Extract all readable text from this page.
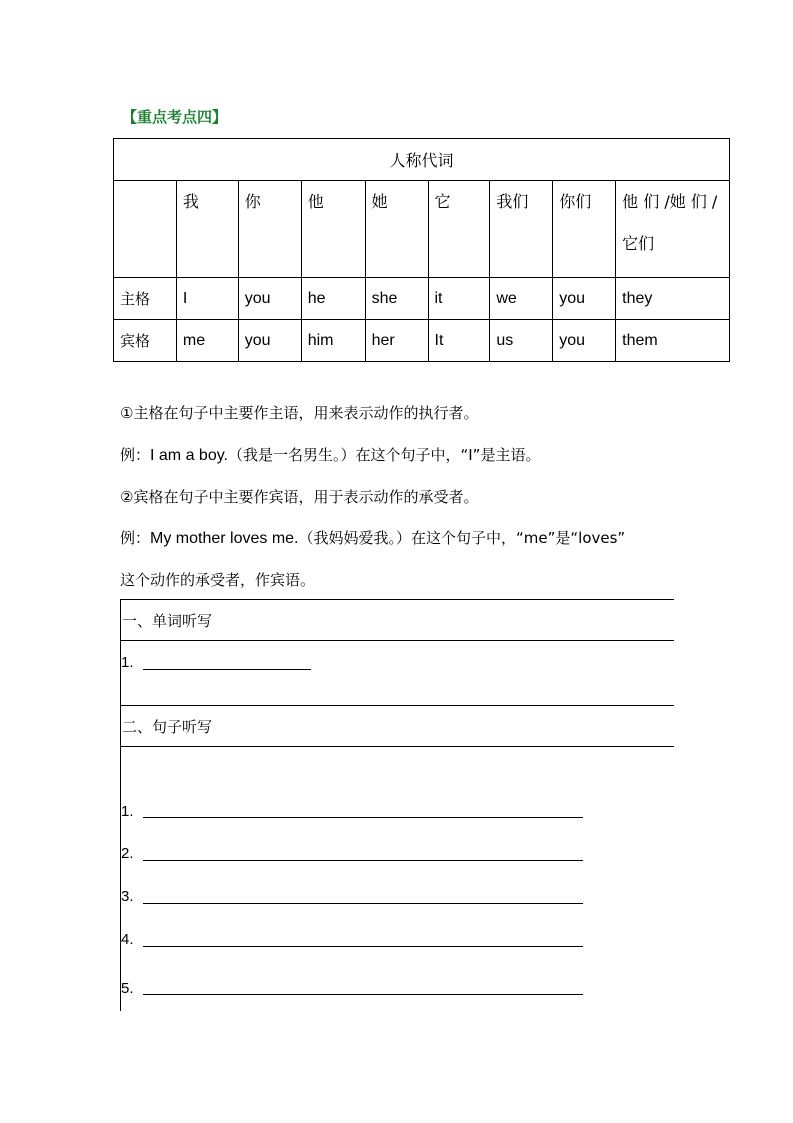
【重点考点四】
人称代词								

	我	你	他	她	它	我们	你们	他 们 /她 们 /它们

主格	I	you	he	she	it	we	you	they
宾格	me	you	him	her	It	us	you	them
①主格在句子中主要作主语，用来表示动作的执行者。
例：I am a boy.（我是一名男生。）在这个句子中，“I”是主语。
②宾格在句子中主要作宾语，用于表示动作的承受者。
例：My mother loves me.（我妈妈爱我。）在这个句子中，“me”是“loves”
这个动作的承受者，作宾语。
一、单词听写
1.
二、句子听写
1.
2.
3.
4.
5.
